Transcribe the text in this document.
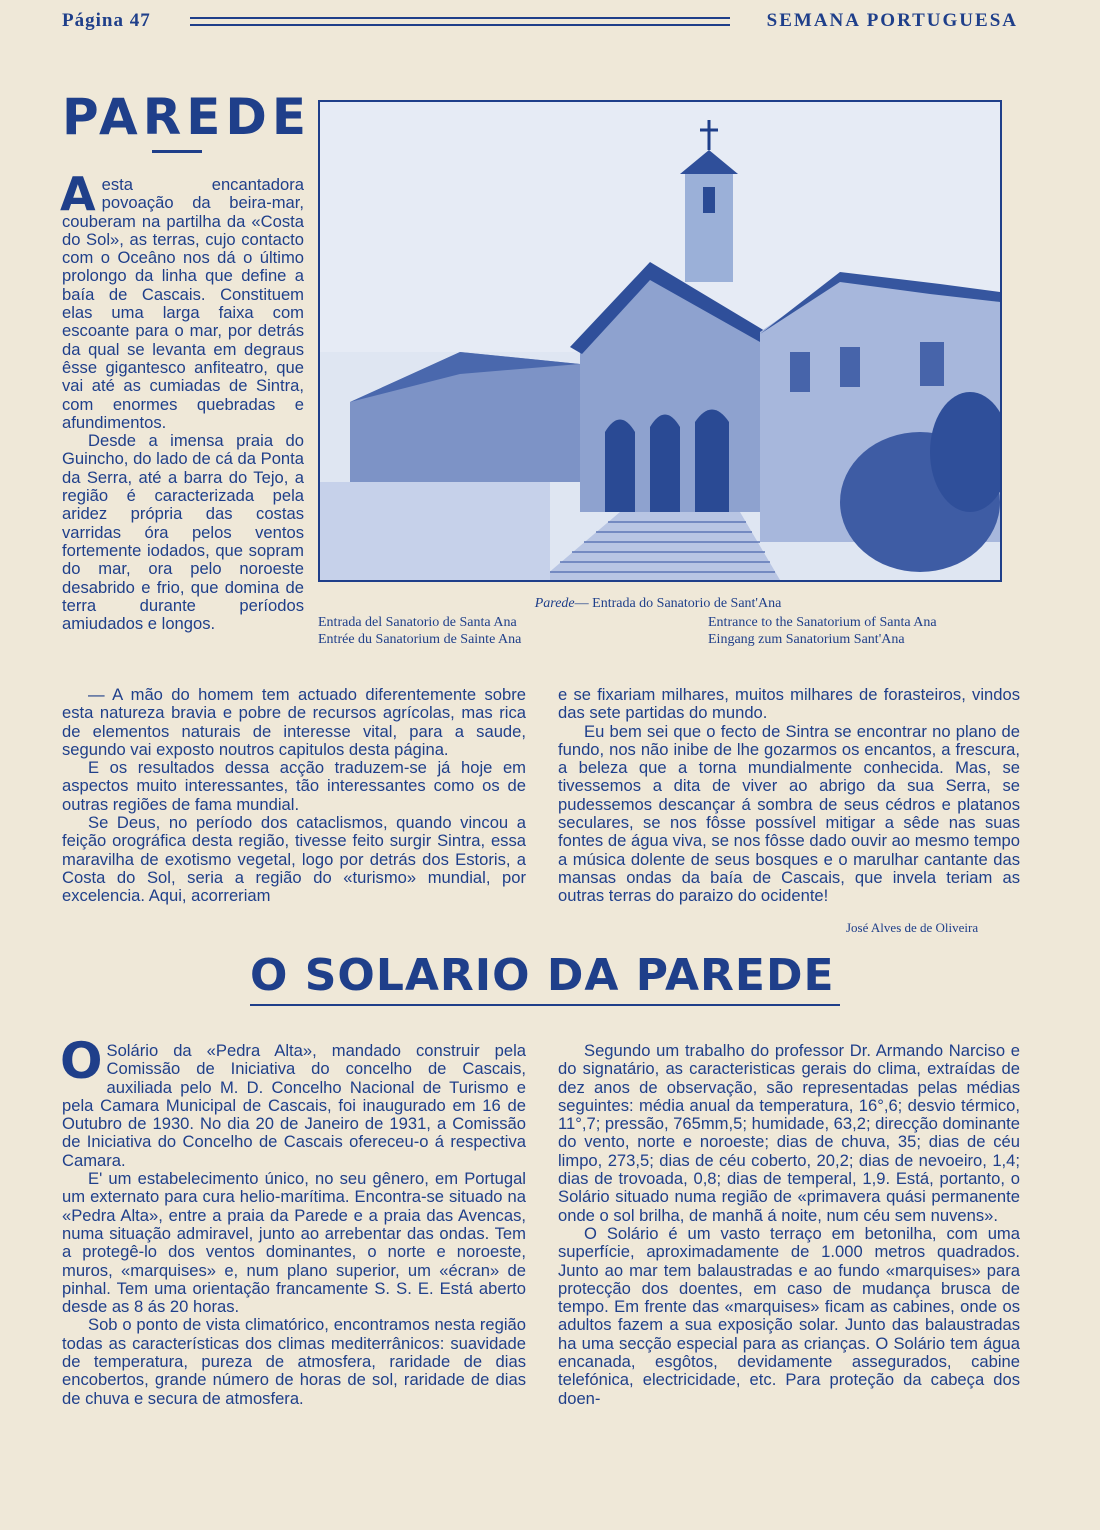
Página 47	SEMANA PORTUGUESA
PAREDE
A esta encantadora povoação da beira-mar, couberam na partilha da «Costa do Sol», as terras, cujo contacto com o Oceâno nos dá o último prolongo da linha que define a baía de Cascais. Constituem elas uma larga faixa com escoante para o mar, por detrás da qual se levanta em degraus êsse gigantesco anfiteatro, que vai até as cumiadas de Sintra, com enormes quebradas e afundimentos.

Desde a imensa praia do Guincho, do lado de cá da Ponta da Serra, até a barra do Tejo, a região é caracterizada pela aridez própria das costas varridas óra pelos ventos fortemente iodados, que sopram do mar, ora pelo noroeste desabrido e frio, que domina de terra durante períodos amiudados e longos.

Parede— Entrada do Sanatorio de Sant'Ana
Entrada del Sanatorio de Santa Ana
Entrée du Sanatorium de Sainte Ana
Entrance to the Sanatorium of Santa Ana
Eingang zum Sanatorium Sant'Ana

— A mão do homem tem actuado diferentemente sobre esta natureza bravia e pobre de recursos agrícolas, mas rica de elementos naturais de interesse vital, para a saude, segundo vai exposto noutros capitulos desta página.

E os resultados dessa acção traduzem-se já hoje em aspectos muito interessantes, tão interessantes como os de outras regiões de fama mundial.

Se Deus, no período dos cataclismos, quando vincou a feição orográfica desta região, tivesse feito surgir Sintra, essa maravilha de exotismo vegetal, logo por detrás dos Estoris, a Costa do Sol, seria a região do «turismo» mundial, por excelencia. Aqui, acorreriam

e se fixariam milhares, muitos milhares de forasteiros, vindos das sete partidas do mundo.

Eu bem sei que o fecto de Sintra se encontrar no plano de fundo, nos não inibe de lhe gozarmos os encantos, a frescura, a beleza que a torna mundialmente conhecida. Mas, se tivessemos a dita de viver ao abrigo da sua Serra, se pudessemos descançar á sombra de seus cédros e platanos seculares, se nos fôsse possível mitigar a sêde nas suas fontes de água viva, se nos fôsse dado ouvir ao mesmo tempo a música dolente de seus bosques e o marulhar cantante das mansas ondas da baía de Cascais, que invela teriam as outras terras do paraizo do ocidente!

José Alves de de Oliveira
O SOLARIO DA PAREDE
O Solário da «Pedra Alta», mandado construir pela Comissão de Iniciativa do concelho de Cascais, auxiliada pelo M. D. Concelho Nacional de Turismo e pela Camara Municipal de Cascais, foi inaugurado em 16 de Outubro de 1930. No dia 20 de Janeiro de 1931, a Comissão de Iniciativa do Concelho de Cascais ofereceu-o á respectiva Camara.

E' um estabelecimento único, no seu gênero, em Portugal um externato para cura helio-marítima. Encontra-se situado na «Pedra Alta», entre a praia da Parede e a praia das Avencas, numa situação admiravel, junto ao arrebentar das ondas. Tem a protegê-lo dos ventos dominantes, o norte e noroeste, muros, «marquises» e, num plano superior, um «écran» de pinhal. Tem uma orientação francamente S. S. E. Está aberto desde as 8 ás 20 horas.

Sob o ponto de vista climatórico, encontramos nesta região todas as características dos climas mediterrânicos: suavidade de temperatura, pureza de atmosfera, raridade de dias encobertos, grande número de horas de sol, raridade de dias de chuva e secura de atmosfera.

Segundo um trabalho do professor Dr. Armando Narciso e do signatário, as caracteristicas gerais do clima, extraídas de dez anos de observação, são representadas pelas médias seguintes: média anual da temperatura, 16°,6; desvio térmico, 11°,7; pressão, 765mm,5; humidade, 63,2; direcção dominante do vento, norte e noroeste; dias de chuva, 35; dias de céu limpo, 273,5; dias de céu coberto, 20,2; dias de nevoeiro, 1,4; dias de trovoada, 0,8; dias de temperal, 1,9. Está, portanto, o Solário situado numa região de «primavera quási permanente onde o sol brilha, de manhã á noite, num céu sem nuvens».

O Solário é um vasto terraço em betonilha, com uma superfície, aproximadamente de 1.000 metros quadrados. Junto ao mar tem balaustradas e ao fundo «marquises» para protecção dos doentes, em caso de mudança brusca de tempo. Em frente das «marquises» ficam as cabines, onde os adultos fazem a sua exposição solar. Junto das balaustradas ha uma secção especial para as crianças. O Solário tem água encanada, esgôtos, devidamente assegurados, cabine telefónica, electricidade, etc. Para proteção da cabeça dos doen-
